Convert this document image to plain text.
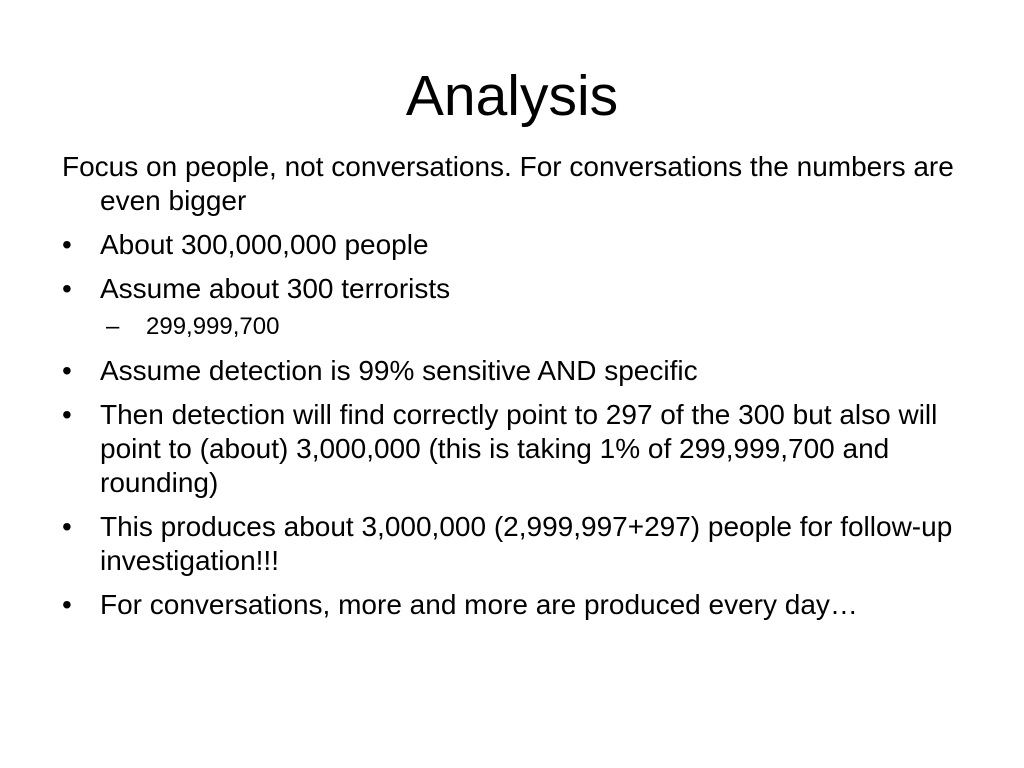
Analysis

Focus on people, not conversations. For conversations the numbers are even bigger

•	About 300,000,000 people
•	Assume about 300 terrorists
– 299,999,700
•	Assume detection is 99% sensitive AND specific
•	Then detection will find correctly point to 297 of the 300 but also will point to (about) 3,000,000 (this is taking 1% of 299,999,700 and rounding)
•	This produces about 3,000,000 (2,999,997+297) people for follow-up investigation!!!
•	For conversations, more and more are produced every day…
